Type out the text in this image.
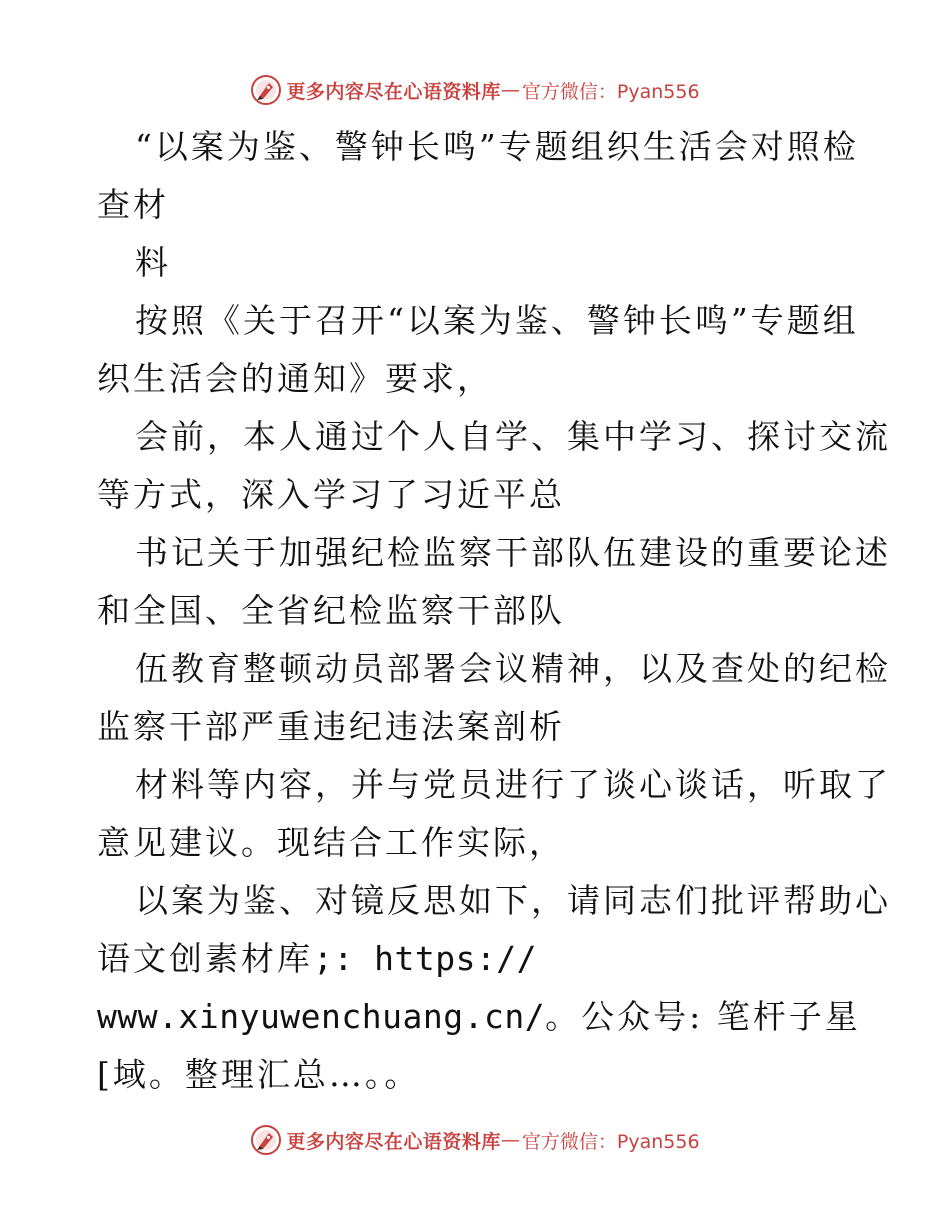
更多内容尽在心语资料库 — 官方微信：Pyan556
“以案为鉴、警钟长鸣”专题组织生活会对照检
查材
料
按照《关于召开“以案为鉴、警钟长鸣”专题组
织生活会的通知》要求，
会前，本人通过个人自学、集中学习、探讨交流
等方式，深入学习了习近平总
书记关于加强纪检监察干部队伍建设的重要论述
和全国、全省纪检监察干部队
伍教育整顿动员部署会议精神，以及查处的纪检
监察干部严重违纪违法案剖析
材料等内容，并与党员进行了谈心谈话，听取了
意见建议。现结合工作实际，
以案为鉴、对镜反思如下，请同志们批评帮助心
语文创素材库;: https://
www.xinyuwenchuang.cn/。公众号: 笔杆子星
[域。整理汇总…。。
更多内容尽在心语资料库 — 官方微信：Pyan556
